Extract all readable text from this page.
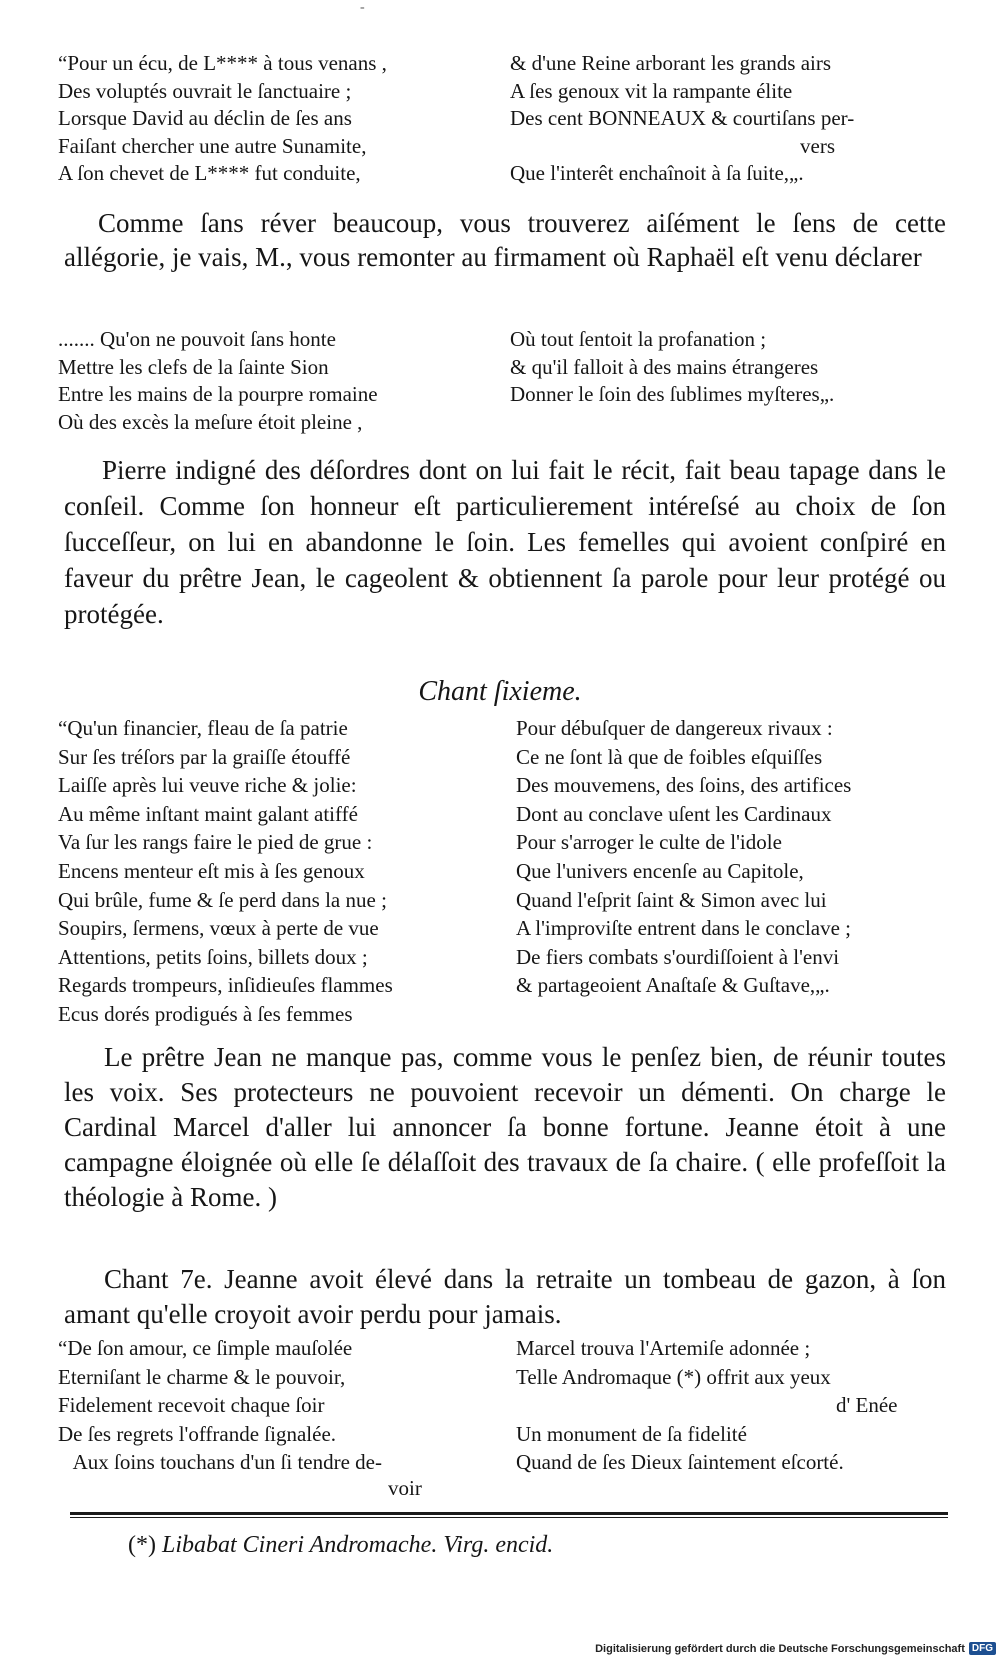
-
“Pour un écu, de L**** à tous venans ,
Des voluptés ouvrait le ſanctuaire ;
Lorsque David au déclin de ſes ans
Faiſant chercher une autre Sunamite,
A ſon chevet de L**** fut conduite,
& d'une Reine arborant les grands airs
A ſes genoux vit la rampante élite
Des cent BONNEAUX & courtiſans per-
vers
Que l'interêt enchaînoit à ſa ſuite,„.

Comme ſans réver beaucoup, vous trouverez aiſément le ſens de cette allégorie, je vais, M., vous remonter au firmament où Raphaël eſt venu déclarer

....... Qu'on ne pouvoit ſans honte
Mettre les clefs de la ſainte Sion
Entre les mains de la pourpre romaine
Où des excès la meſure étoit pleine ,
Où tout ſentoit la profanation ;
& qu'il falloit à des mains étrangeres
Donner le ſoin des ſublimes myſteres„.

Pierre indigné des déſordres dont on lui fait le récit, fait beau tapage dans le conſeil. Comme ſon honneur eſt particulierement intéreſsé au choix de ſon ſucceſſeur, on lui en abandonne le ſoin. Les femelles qui avoient conſpiré en faveur du prêtre Jean, le cageolent & obtiennent ſa parole pour leur protégé ou protégée.

Chant ſixieme.
“Qu'un financier, fleau de ſa patrie
Sur ſes tréſors par la graiſſe étouffé
Laiſſe après lui veuve riche & jolie:
Au même inſtant maint galant atiffé
Va ſur les rangs faire le pied de grue :
Encens menteur eſt mis à ſes genoux
Qui brûle, fume & ſe perd dans la nue ;
Soupirs, ſermens, vœux à perte de vue
Attentions, petits ſoins, billets doux ;
Regards trompeurs, inſidieuſes flammes
Ecus dorés prodigués à ſes femmes
Pour débuſquer de dangereux rivaux :
Ce ne ſont là que de foibles eſquiſſes
Des mouvemens, des ſoins, des artifices
Dont au conclave uſent les Cardinaux
Pour s'arroger le culte de l'idole
Que l'univers encenſe au Capitole,
Quand l'eſprit ſaint & Simon avec lui
A l'improviſte entrent dans le conclave ;
De fiers combats s'ourdiſſoient à l'envi
& partageoient Anaſtaſe & Guſtave,„.

Le prêtre Jean ne manque pas, comme vous le penſez bien, de réunir toutes les voix. Ses protecteurs ne pouvoient recevoir un démenti. On charge le Cardinal Marcel d'aller lui annoncer ſa bonne fortune. Jeanne étoit à une campagne éloignée où elle ſe délaſſoit des travaux de ſa chaire. ( elle profeſſoit la théologie à Rome. )

Chant 7e. Jeanne avoit élevé dans la retraite un tombeau de gazon, à ſon amant qu'elle croyoit avoir perdu pour jamais.

“De ſon amour, ce ſimple mauſolée
Eterniſant le charme & le pouvoir,
Fidelement recevoit chaque ſoir
De ſes regrets l'offrande ſignalée.
Aux ſoins touchans d'un ſi tendre de-
voir
Marcel trouva l'Artemiſe adonnée ;
Telle Andromaque (*) offrit aux yeux
d' Enée
Un monument de ſa fidelité
Quand de ſes Dieux ſaintement eſcorté.
(*) Libabat Cineri Andromache. Virg. encid.
Digitalisierung gefördert durch die Deutsche Forschungsgemeinschaft DFG
